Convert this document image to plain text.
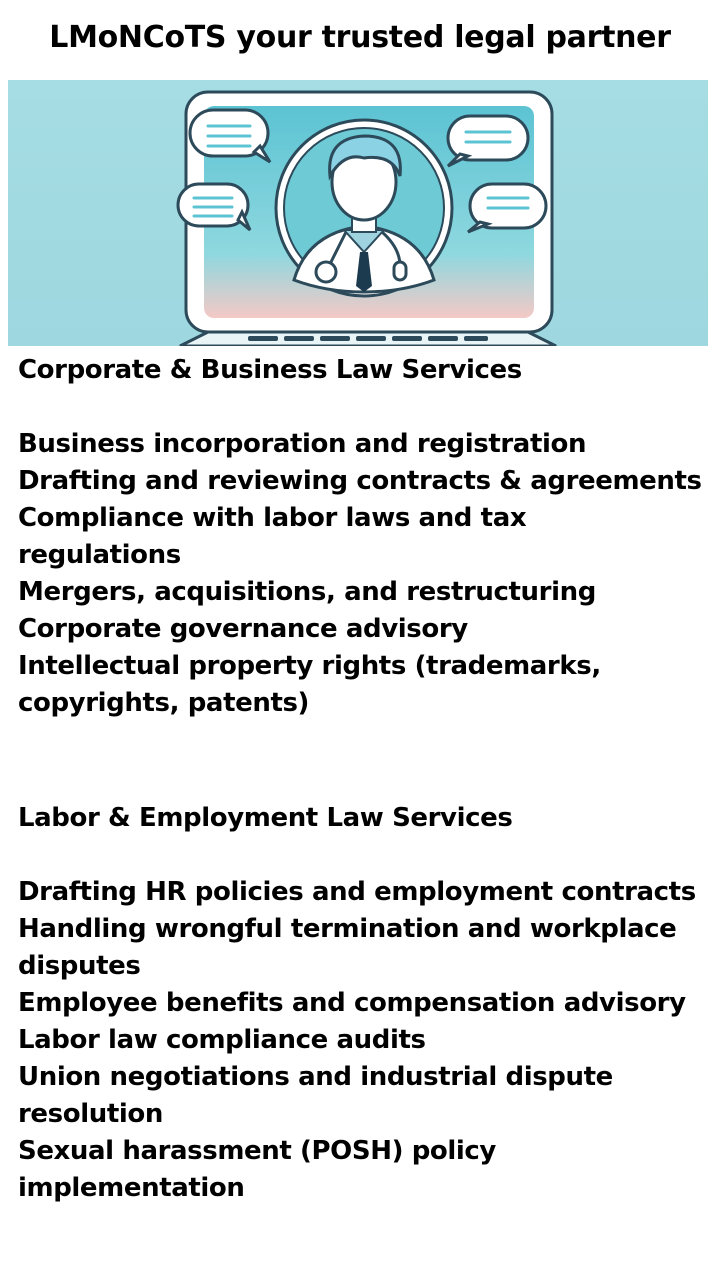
LMoNCoTS your trusted legal partner
Corporate & Business Law Services
Business incorporation and registration
Drafting and reviewing contracts & agreements
Compliance with labor laws and tax regulations
Mergers, acquisitions, and restructuring
Corporate governance advisory
Intellectual property rights (trademarks, copyrights, patents)
Labor & Employment Law Services
Drafting HR policies and employment contracts
Handling wrongful termination and workplace disputes
Employee benefits and compensation advisory
Labor law compliance audits
Union negotiations and industrial dispute resolution
Sexual harassment (POSH) policy implementation
